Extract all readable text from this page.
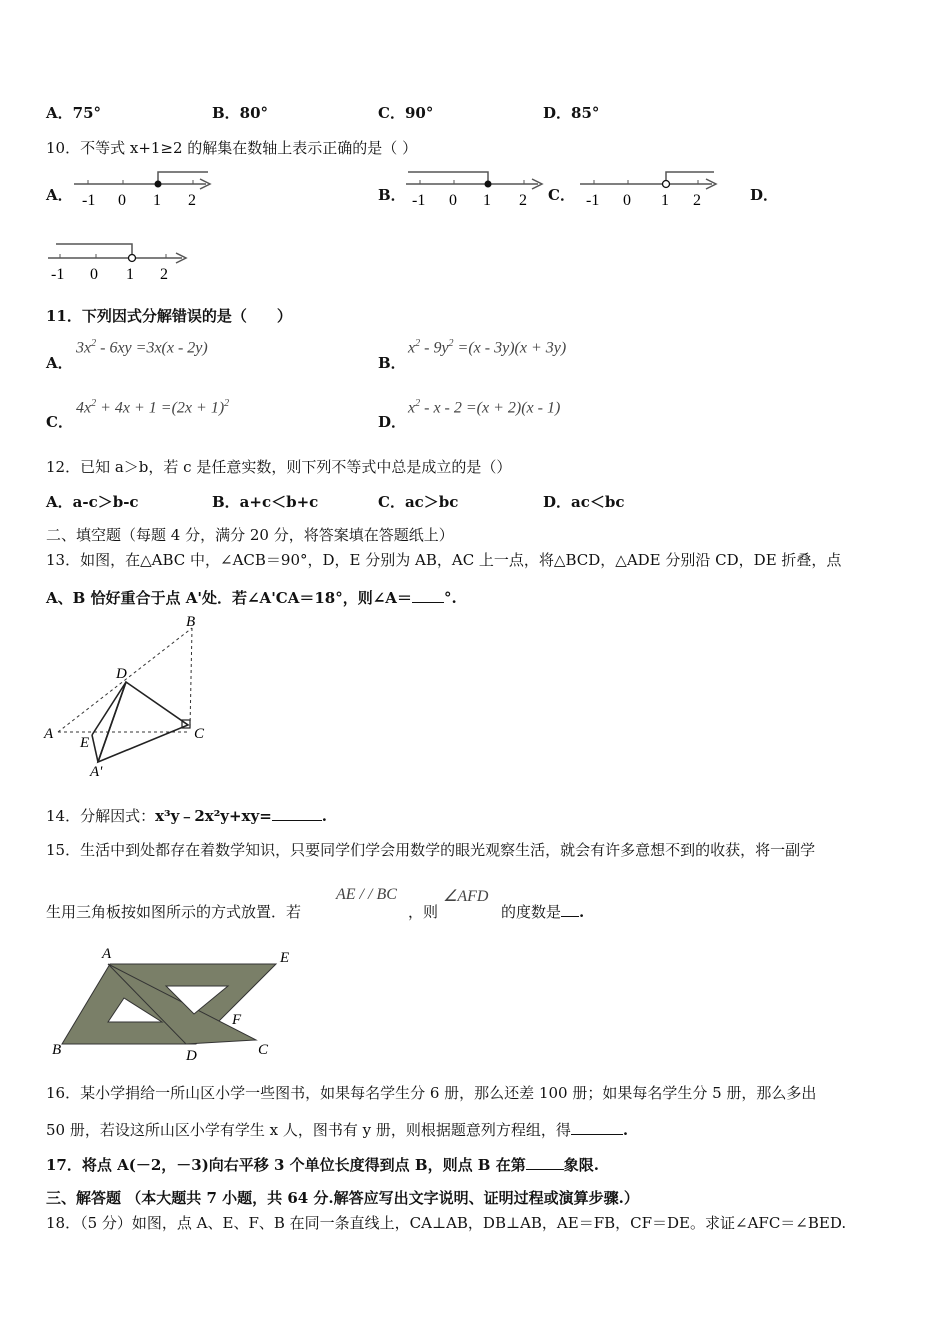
A．75°	B．80°	C．90°	D．85°
10．不等式 x+1≥2 的解集在数轴上表示正确的是（ ）
A．	B．	C．	D．
-1 0 1 2	-1 0 1 2	-1 0 1 2
-1 0 1 2
11．下列因式分解错误的是（　　）
A．
$3x^2 - 6xy =3x(x - 2y)$
B．
$x^2 - 9y^2 =(x - 3y)(x + 3y)$
C．
$4x^2 + 4x + 1 =(2x + 1)^2$
D．
$x^2 - x - 2 =(x + 2)(x - 1)$
12．已知 a＞b，若 c 是任意实数，则下列不等式中总是成立的是（）
A．a-c＞b-c	B．a+c＜b+c	C．ac＞bc	D．ac＜bc
二、填空题（每题 4 分，满分 20 分，将答案填在答题纸上）
13．如图，在△ABC 中，∠ACB＝90°，D，E 分别为 AB，AC 上一点，将△BCD，△ADE 分别沿 CD，DE 折叠，点
A、B 恰好重合于点 A'处．若∠A'CA＝18°，则∠A＝ °.
B
D
A
E
C
A'
14．分解因式：x³y﹣2x²y+xy=	.
15．生活中到处都存在着数学知识，只要同学们学会用数学的眼光观察生活，就会有许多意想不到的收获，将一副学
生用三角板按如图所示的方式放置．若
AE / / BC
，则
∠AFD
的度数是 .
A	E
F
B	D	C
16．某小学捐给一所山区小学一些图书，如果每名学生分 6 册，那么还差 100 册；如果每名学生分 5 册，那么多出
50 册，若设这所山区小学有学生 x 人，图书有 y 册，则根据题意列方程组，得	.
17．将点 A(－2，－3)向右平移 3 个单位长度得到点 B，则点 B 在第	象限.
三、解答题 （本大题共 7 小题，共 64 分.解答应写出文字说明、证明过程或演算步骤.）
18．（5 分）如图，点 A、E、F、B 在同一条直线上，CA⊥AB，DB⊥AB，AE＝FB，CF＝DE。求证∠AFC＝∠BED.
